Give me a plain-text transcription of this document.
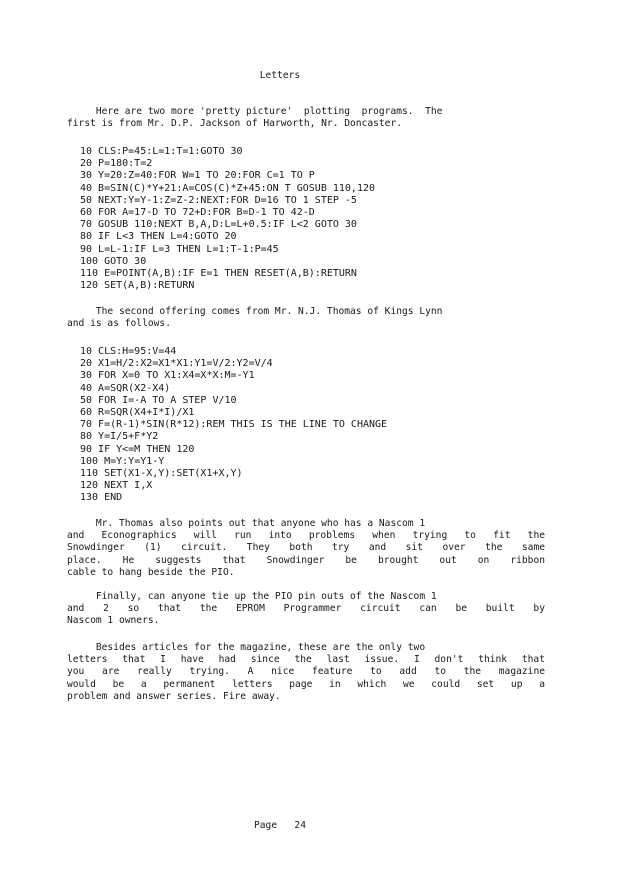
Letters
Here are two more 'pretty picture'  plotting  programs.  The
first is from Mr. D.P. Jackson of Harworth, Nr. Doncaster.
10 CLS:P=45:L=1:T=1:GOTO 30
20 P=180:T=2
30 Y=20:Z=40:FOR W=1 TO 20:FOR C=1 TO P
40 B=SIN(C)*Y+21:A=COS(C)*Z+45:ON T GOSUB 110,120
50 NEXT:Y=Y-1:Z=Z-2:NEXT:FOR D=16 TO 1 STEP -5
60 FOR A=17-D TO 72+D:FOR B=D-1 TO 42-D
70 GOSUB 110:NEXT B,A,D:L=L+0.5:IF L<2 GOTO 30
80 IF L<3 THEN L=4:GOTO 20
90 L=L-1:IF L=3 THEN L=1:T-1:P=45
100 GOTO 30
110 E=POINT(A,B):IF E=1 THEN RESET(A,B):RETURN
120 SET(A,B):RETURN
The second offering comes from Mr. N.J. Thomas of Kings Lynn
and is as follows.
10 CLS:H=95:V=44
20 X1=H/2:X2=X1*X1:Y1=V/2:Y2=V/4
30 FOR X=0 TO X1:X4=X*X:M=-Y1
40 A=SQR(X2-X4)
50 FOR I=-A TO A STEP V/10
60 R=SQR(X4+I*I)/X1
70 F=(R-1)*SIN(R*12):REM THIS IS THE LINE TO CHANGE
80 Y=I/5+F*Y2
90 IF Y<=M THEN 120
100 M=Y:Y=Y1-Y
110 SET(X1-X,Y):SET(X1+X,Y)
120 NEXT I,X
130 END
Mr. Thomas also points out that anyone who has a Nascom 1
and Econographics will run into problems when trying to fit the
Snowdinger (1) circuit. They both try and sit over the same
place. He suggests that Snowdinger be brought out on ribbon
cable to hang beside the PIO.
Finally, can anyone tie up the PIO pin outs of the Nascom 1
and 2 so that the EPROM Programmer circuit can be built by
Nascom 1 owners.
Besides articles for the magazine, these are the only two
letters that I have had since the last issue. I don't think that
you are really trying. A nice feature to add to the magazine
would be a permanent letters page in which we could set up a
problem and answer series. Fire away.
Page   24
